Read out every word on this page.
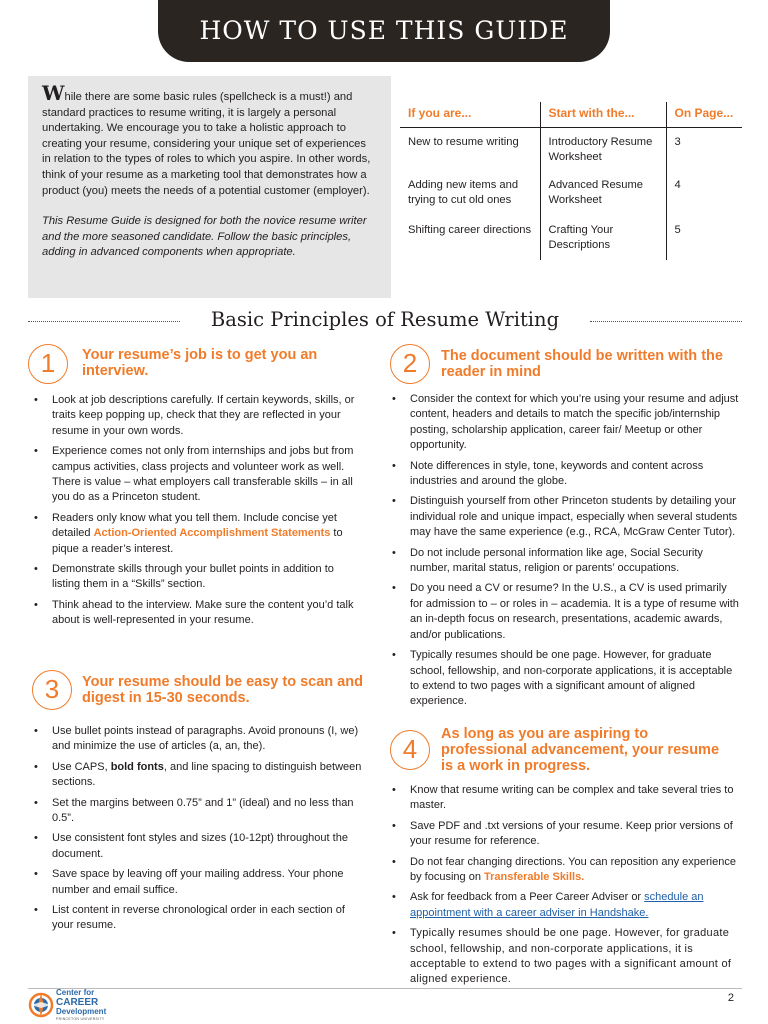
HOW TO USE THIS GUIDE

While there are some basic rules (spellcheck is a must!) and standard practices to resume writing, it is largely a personal undertaking. We encourage you to take a holistic approach to creating your resume, considering your unique set of experiences in relation to the types of roles to which you aspire. In other words, think of your resume as a marketing tool that demonstrates how a product (you) meets the needs of a potential customer (employer).

This Resume Guide is designed for both the novice resume writer and the more seasoned candidate. Follow the basic principles, adding in advanced components when appropriate.

If you are...	Start with the...	On Page...
New to resume writing	Introductory Resume Worksheet	3
Adding new items and trying to cut old ones	Advanced Resume Worksheet	4
Shifting career directions	Crafting Your Descriptions	5
Basic Principles of Resume Writing
1	Your resume’s job is to get you an interview.
• Look at job descriptions carefully. If certain keywords, skills, or traits keep popping up, check that they are reflected in your resume in your own words.
• Experience comes not only from internships and jobs but from campus activities, class projects and volunteer work as well. There is value – what employers call transferable skills – in all you do as a Princeton student.
• Readers only know what you tell them. Include concise yet detailed Action-Oriented Accomplishment Statements to pique a reader’s interest.
• Demonstrate skills through your bullet points in addition to listing them in a “Skills” section.
• Think ahead to the interview. Make sure the content you’d talk about is well-represented in your resume.
2	The document should be written with the reader in mind
• Consider the context for which you’re using your resume and adjust content, headers and details to match the specific job/internship posting, scholarship application, career fair/ Meetup or other opportunity.
• Note differences in style, tone, keywords and content across industries and around the globe.
• Distinguish yourself from other Princeton students by detailing your individual role and unique impact, especially when several students may have the same experience (e.g., RCA, McGraw Center Tutor).
• Do not include personal information like age, Social Security number, marital status, religion or parents’ occupations.
• Do you need a CV or resume? In the U.S., a CV is used primarily for admission to – or roles in – academia. It is a type of resume with an in-depth focus on research, presentations, academic awards, and/or publications.
• Typically resumes should be one page. However, for graduate school, fellowship, and non-corporate applications, it is acceptable to extend to two pages with a significant amount of aligned experience.
3	Your resume should be easy to scan and digest in 15-30 seconds.
• Use bullet points instead of paragraphs. Avoid pronouns (I, we) and minimize the use of articles (a, an, the).
• Use CAPS, bold fonts, and line spacing to distinguish between sections.
• Set the margins between 0.75” and 1” (ideal) and no less than 0.5”.
• Use consistent font styles and sizes (10-12pt) throughout the document.
• Save space by leaving off your mailing address. Your phone number and email suffice.
• List content in reverse chronological order in each section of your resume.
4	As long as you are aspiring to professional advancement, your resume is a work in progress.
• Know that resume writing can be complex and take several tries to master.
• Save PDF and .txt versions of your resume. Keep prior versions of your resume for reference.
• Do not fear changing directions. You can reposition any experience by focusing on Transferable Skills.
• Ask for feedback from a Peer Career Adviser or schedule an appointment with a career adviser in Handshake.
• Typically resumes should be one page. However, for graduate school, fellowship, and non-corporate applications, it is acceptable to extend to two pages with a significant amount of aligned experience.
Center for
CAREER
Development
PRINCETON UNIVERSITY
2
